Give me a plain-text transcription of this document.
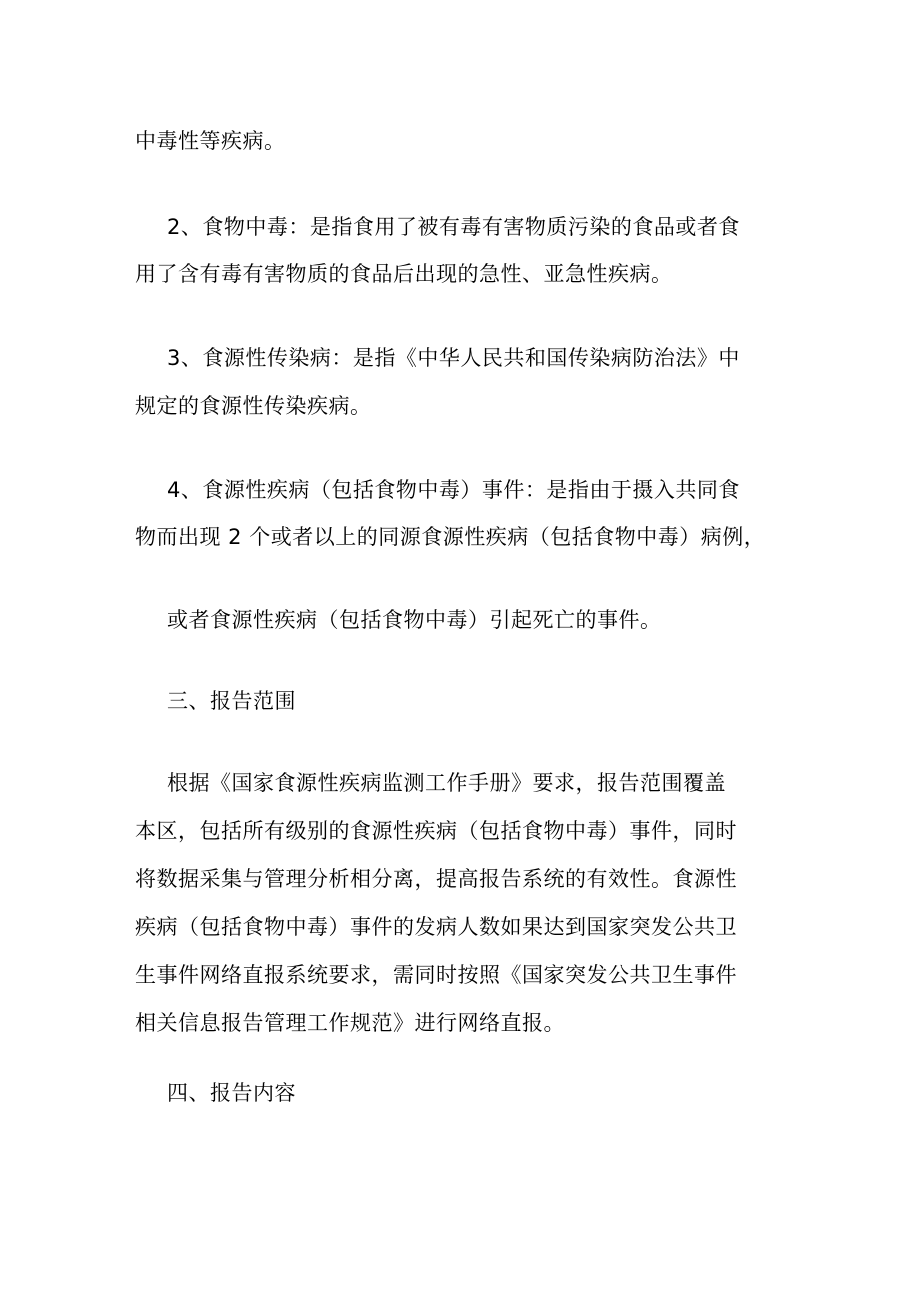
中毒性等疾病。
2、食物中毒：是指食用了被有毒有害物质污染的食品或者食
用了含有毒有害物质的食品后出现的急性、亚急性疾病。
3、食源性传染病：是指《中华人民共和国传染病防治法》中
规定的食源性传染疾病。
4、食源性疾病（包括食物中毒）事件：是指由于摄入共同食
物而出现 2 个或者以上的同源食源性疾病（包括食物中毒）病例，
或者食源性疾病（包括食物中毒）引起死亡的事件。
三、报告范围
根据《国家食源性疾病监测工作手册》要求，报告范围覆盖
本区，包括所有级别的食源性疾病（包括食物中毒）事件，同时
将数据采集与管理分析相分离，提高报告系统的有效性。食源性
疾病（包括食物中毒）事件的发病人数如果达到国家突发公共卫
生事件网络直报系统要求，需同时按照《国家突发公共卫生事件
相关信息报告管理工作规范》进行网络直报。
四、报告内容
